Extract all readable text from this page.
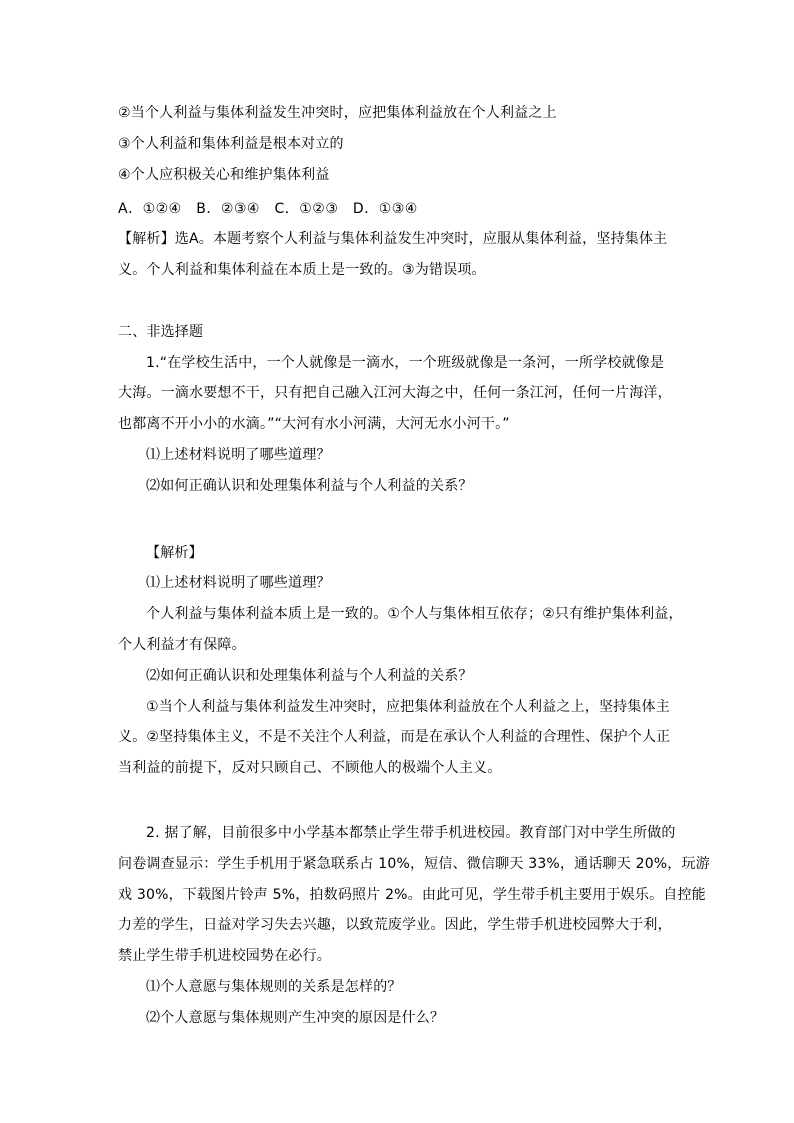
②当个人利益与集体利益发生冲突时，应把集体利益放在个人利益之上
③个人利益和集体利益是根本对立的
④个人应积极关心和维护集体利益
A．①②④　B．②③④　C．①②③　D．①③④
【解析】选A。本题考察个人利益与集体利益发生冲突时，应服从集体利益，坚持集体主
义。个人利益和集体利益在本质上是一致的。③为错误项。
二、非选择题
1.“在学校生活中，一个人就像是一滴水，一个班级就像是一条河，一所学校就像是
大海。一滴水要想不干，只有把自己融入江河大海之中，任何一条江河，任何一片海洋，
也都离不开小小的水滴。”“大河有水小河满，大河无水小河干。”
⑴上述材料说明了哪些道理？
⑵如何正确认识和处理集体利益与个人利益的关系？
【解析】
⑴上述材料说明了哪些道理？
个人利益与集体利益本质上是一致的。①个人与集体相互依存；②只有维护集体利益，
个人利益才有保障。
⑵如何正确认识和处理集体利益与个人利益的关系？
①当个人利益与集体利益发生冲突时，应把集体利益放在个人利益之上，坚持集体主
义。②坚持集体主义，不是不关注个人利益，而是在承认个人利益的合理性、保护个人正
当利益的前提下，反对只顾自己、不顾他人的极端个人主义。
2. 据了解，目前很多中小学基本都禁止学生带手机进校园。教育部门对中学生所做的
问卷调查显示：学生手机用于紧急联系占 10%，短信、微信聊天 33%，通话聊天 20%，玩游
戏 30%，下载图片铃声 5%，拍数码照片 2%。由此可见，学生带手机主要用于娱乐。自控能
力差的学生，日益对学习失去兴趣，以致荒废学业。因此，学生带手机进校园弊大于利，
禁止学生带手机进校园势在必行。
⑴个人意愿与集体规则的关系是怎样的？
⑵个人意愿与集体规则产生冲突的原因是什么？
